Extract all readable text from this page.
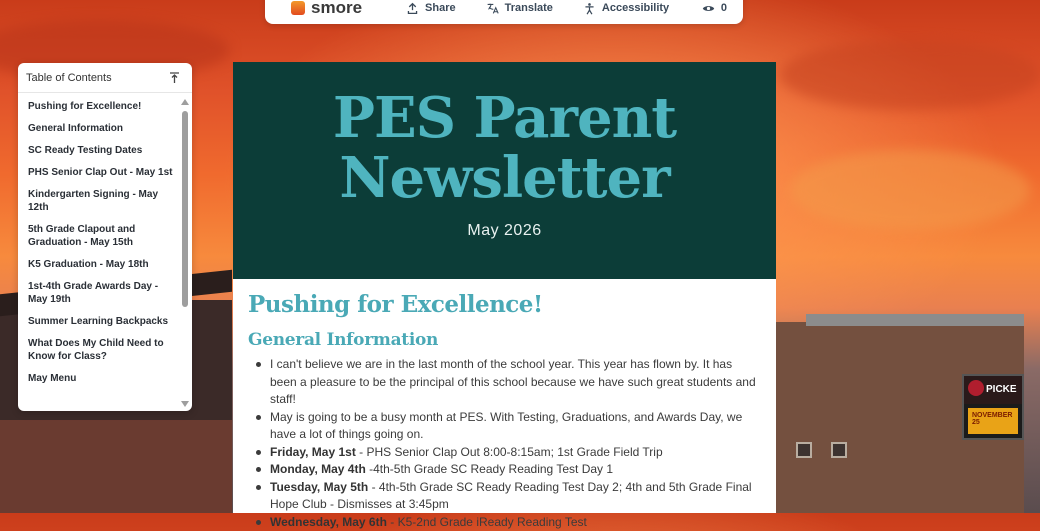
PICKE
NOVEMBER 25
smore	Share	Translate	Accessibility	0
Table of Contents
Pushing for Excellence!
General Information
SC Ready Testing Dates
PHS Senior Clap Out - May 1st
Kindergarten Signing - May 12th
5th Grade Clapout and Graduation - May 15th
K5 Graduation - May 18th
1st-4th Grade Awards Day - May 19th
Summer Learning Backpacks
What Does My Child Need to Know for Class?
May Menu
PES Parent
Newsletter
May 2026
Pushing for Excellence!
General Information
I can't believe we are in the last month of the school year. This year has flown by. It has been a pleasure to be the principal of this school because we have such great students and staff!
May is going to be a busy month at PES. With Testing, Graduations, and Awards Day, we have a lot of things going on.
Friday, May 1st - PHS Senior Clap Out 8:00-8:15am; 1st Grade Field Trip
Monday, May 4th -4th-5th Grade SC Ready Reading Test Day 1
Tuesday, May 5th - 4th-5th Grade SC Ready Reading Test Day 2; 4th and 5th Grade Final Hope Club - Dismisses at 3:45pm
Wednesday, May 6th - K5-2nd Grade iReady Reading Test
